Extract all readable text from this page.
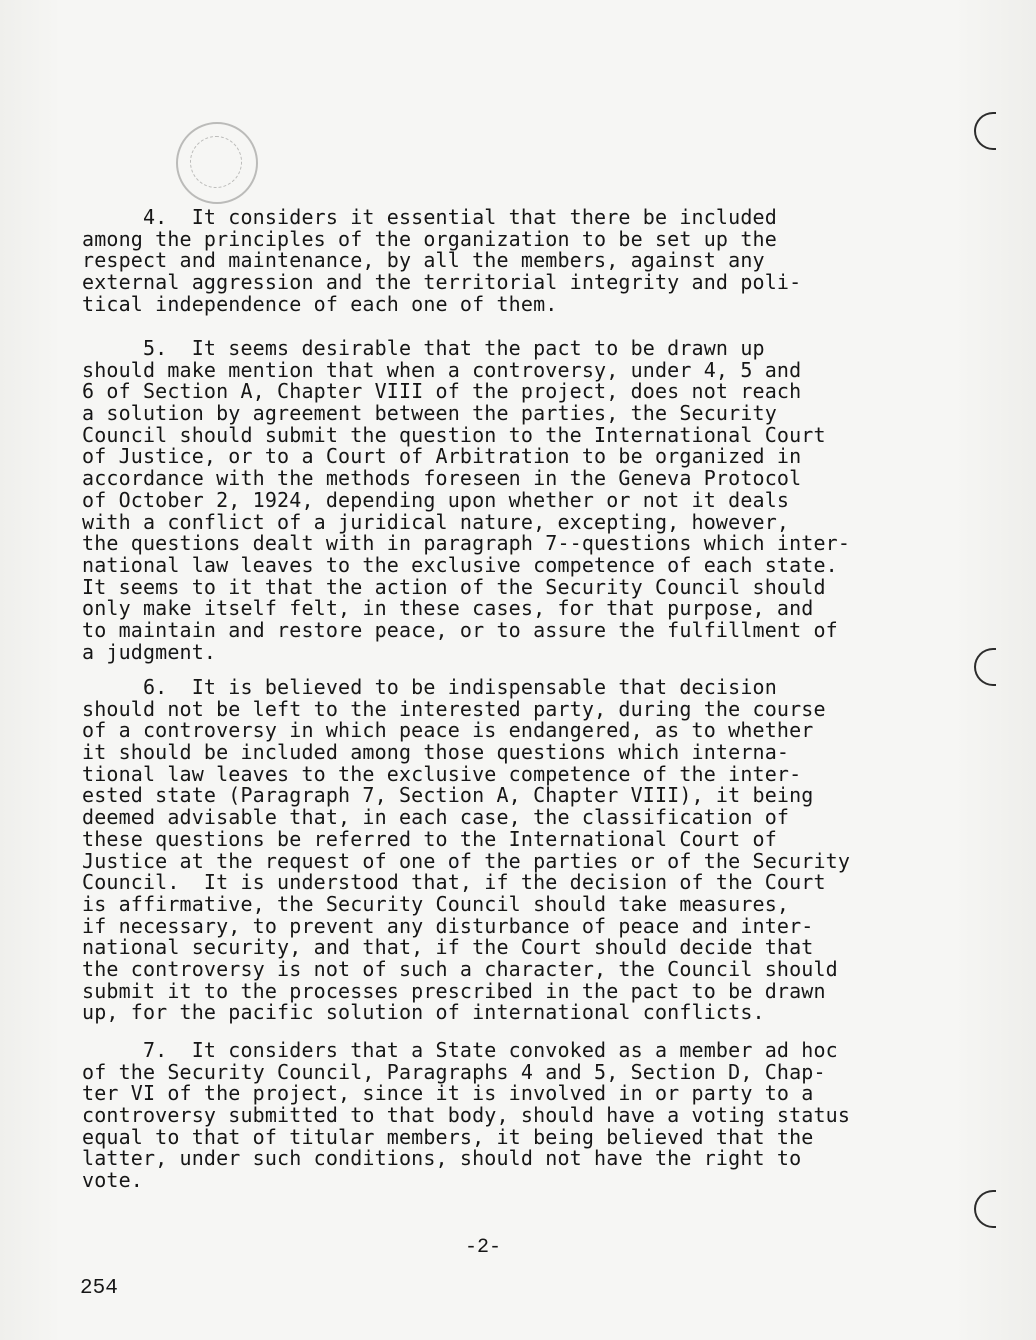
4.  It considers it essential that there be included
among the principles of the organization to be set up the
respect and maintenance, by all the members, against any
external aggression and the territorial integrity and poli-
tical independence of each one of them.
5.  It seems desirable that the pact to be drawn up
should make mention that when a controversy, under 4, 5 and
6 of Section A, Chapter VIII of the project, does not reach
a solution by agreement between the parties, the Security
Council should submit the question to the International Court
of Justice, or to a Court of Arbitration to be organized in
accordance with the methods foreseen in the Geneva Protocol
of October 2, 1924, depending upon whether or not it deals
with a conflict of a juridical nature, excepting, however,
the questions dealt with in paragraph 7--questions which inter-
national law leaves to the exclusive competence of each state.
It seems to it that the action of the Security Council should
only make itself felt, in these cases, for that purpose, and
to maintain and restore peace, or to assure the fulfillment of
a judgment.
6.  It is believed to be indispensable that decision
should not be left to the interested party, during the course
of a controversy in which peace is endangered, as to whether
it should be included among those questions which interna-
tional law leaves to the exclusive competence of the inter-
ested state (Paragraph 7, Section A, Chapter VIII), it being
deemed advisable that, in each case, the classification of
these questions be referred to the International Court of
Justice at the request of one of the parties or of the Security
Council.  It is understood that, if the decision of the Court
is affirmative, the Security Council should take measures,
if necessary, to prevent any disturbance of peace and inter-
national security, and that, if the Court should decide that
the controversy is not of such a character, the Council should
submit it to the processes prescribed in the pact to be drawn
up, for the pacific solution of international conflicts.
7.  It considers that a State convoked as a member ad hoc
of the Security Council, Paragraphs 4 and 5, Section D, Chap-
ter VI of the project, since it is involved in or party to a
controversy submitted to that body, should have a voting status
equal to that of titular members, it being believed that the
latter, under such conditions, should not have the right to
vote.
-2-
254
